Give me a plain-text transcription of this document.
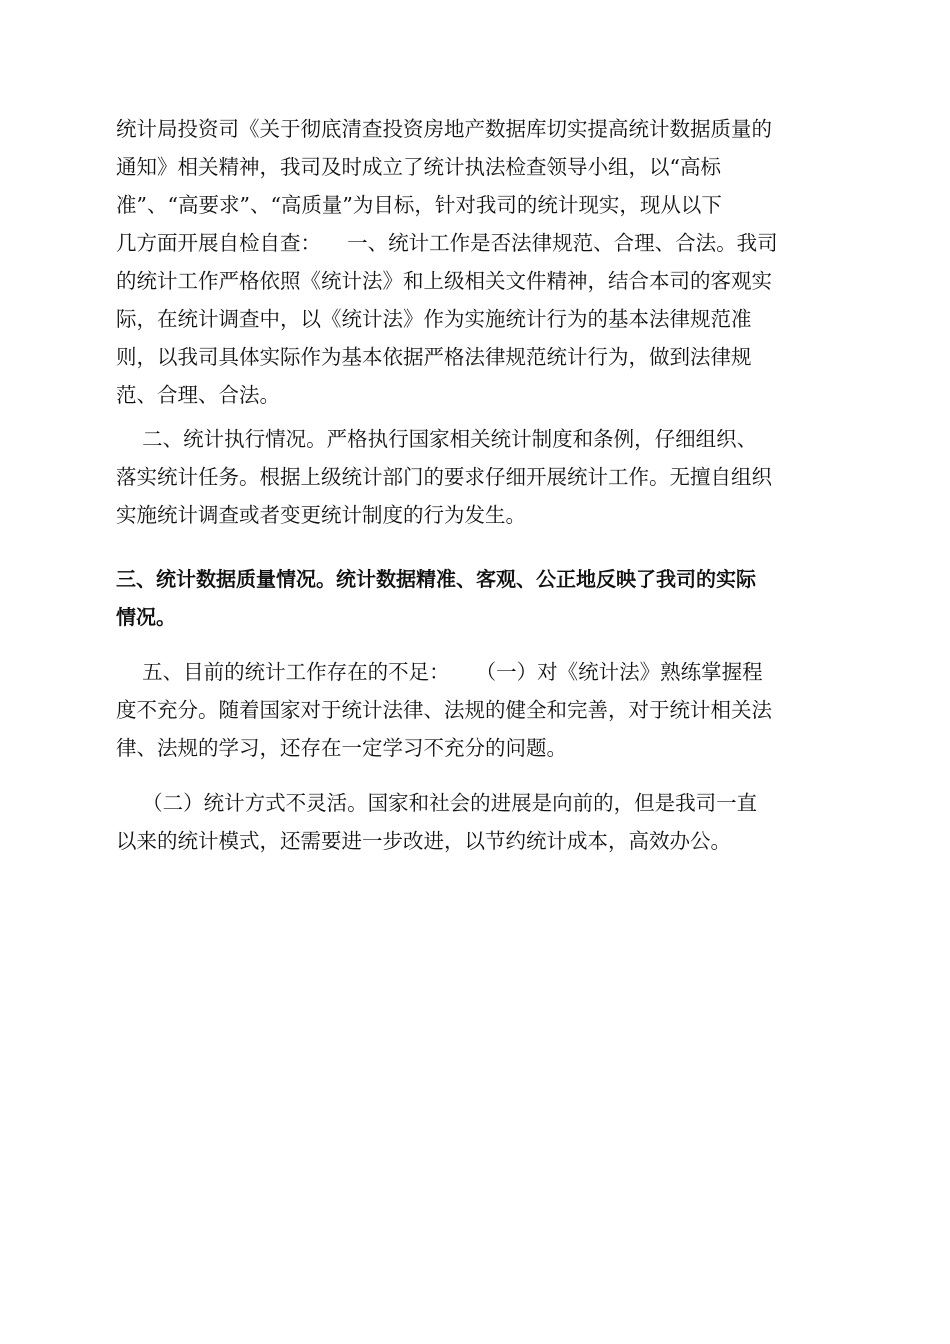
统计局投资司《关于彻底清查投资房地产数据库切实提高统计数据质量的
通知》相关精神，我司及时成立了统计执法检查领导小组，以“高标
准”、“高要求”、“高质量”为目标，针对我司的统计现实，现从以下
几方面开展自检自查：    一、统计工作是否法律规范、合理、合法。我司
的统计工作严格依照《统计法》和上级相关文件精神，结合本司的客观实
际，在统计调查中，以《统计法》作为实施统计行为的基本法律规范准
则，以我司具体实际作为基本依据严格法律规范统计行为，做到法律规
范、合理、合法。
二、统计执行情况。严格执行国家相关统计制度和条例，仔细组织、
落实统计任务。根据上级统计部门的要求仔细开展统计工作。无擅自组织
实施统计调查或者变更统计制度的行为发生。
三、统计数据质量情况。统计数据精准、客观、公正地反映了我司的实际
情况。
五、目前的统计工作存在的不足：    （一）对《统计法》熟练掌握程
度不充分。随着国家对于统计法律、法规的健全和完善，对于统计相关法
律、法规的学习，还存在一定学习不充分的问题。
（二）统计方式不灵活。国家和社会的进展是向前的，但是我司一直
以来的统计模式，还需要进一步改进，以节约统计成本，高效办公。
